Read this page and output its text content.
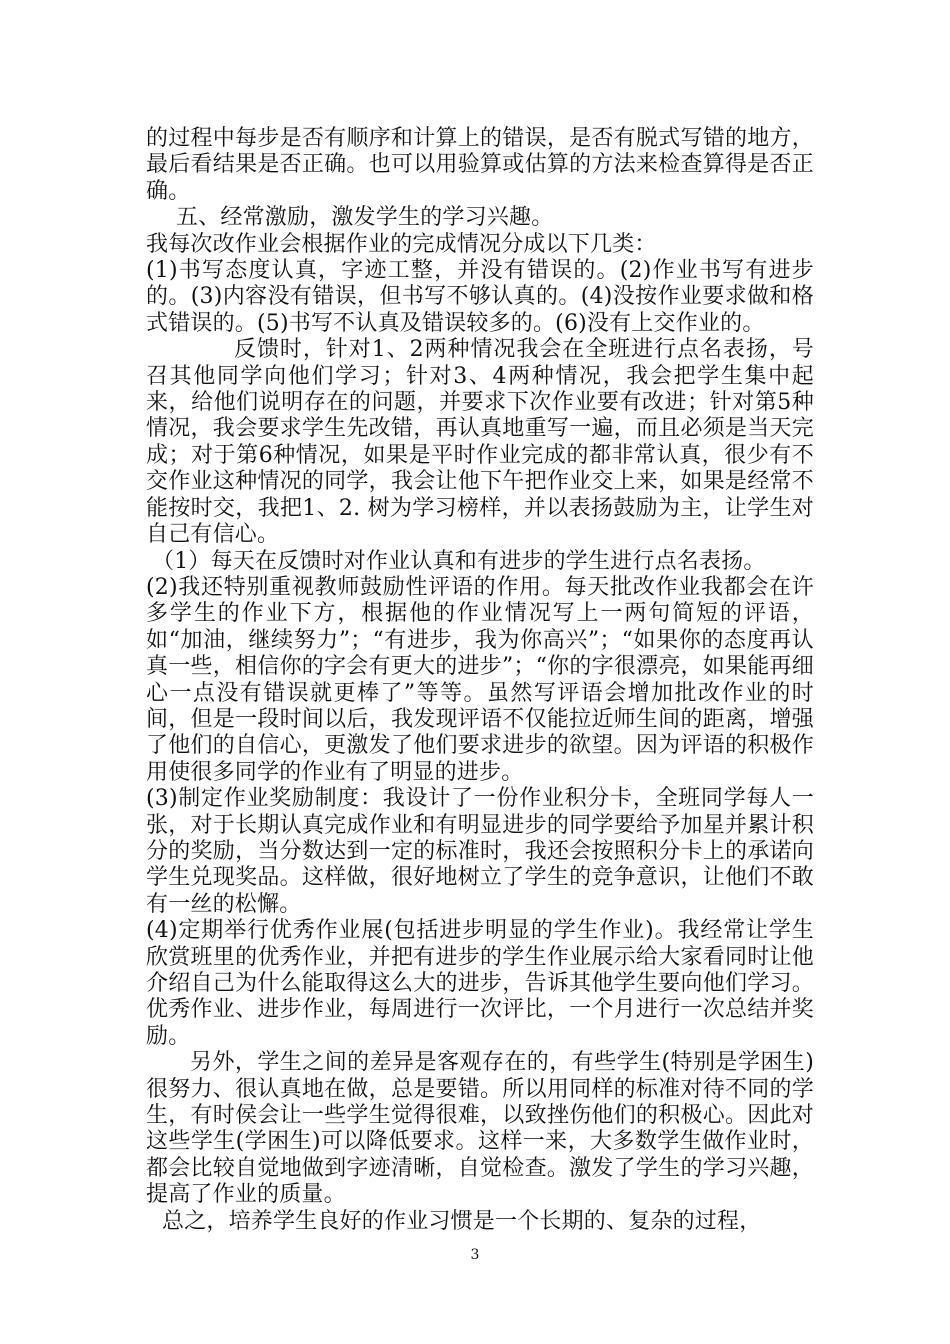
的过程中每步是否有顺序和计算上的错误，是否有脱式写错的地方，最后看结果是否正确。也可以用验算或估算的方法来检查算得是否正确。

五、经常激励，激发学生的学习兴趣。

我每次改作业会根据作业的完成情况分成以下几类：

(1)书写态度认真，字迹工整，并没有错误的。(2)作业书写有进步的。(3)内容没有错误，但书写不够认真的。(4)没按作业要求做和格式错误的。(5)书写不认真及错误较多的。(6)没有上交作业的。

反馈时，针对1、2两种情况我会在全班进行点名表扬，号召其他同学向他们学习；针对3、4两种情况，我会把学生集中起来，给他们说明存在的问题，并要求下次作业要有改进；针对第5种情况，我会要求学生先改错，再认真地重写一遍，而且必须是当天完成；对于第6种情况，如果是平时作业完成的都非常认真，很少有不交作业这种情况的同学，我会让他下午把作业交上来，如果是经常不能按时交，我把1、2. 树为学习榜样，并以表扬鼓励为主，让学生对自己有信心。

（1）每天在反馈时对作业认真和有进步的学生进行点名表扬。

(2)我还特别重视教师鼓励性评语的作用。每天批改作业我都会在许多学生的作业下方，根据他的作业情况写上一两句简短的评语，如“加油，继续努力”；“有进步，我为你高兴”；“如果你的态度再认真一些，相信你的字会有更大的进步”；“你的字很漂亮，如果能再细心一点没有错误就更棒了”等等。虽然写评语会增加批改作业的时间，但是一段时间以后，我发现评语不仅能拉近师生间的距离，增强了他们的自信心，更激发了他们要求进步的欲望。因为评语的积极作用使很多同学的作业有了明显的进步。

(3)制定作业奖励制度：我设计了一份作业积分卡，全班同学每人一张，对于长期认真完成作业和有明显进步的同学要给予加星并累计积分的奖励，当分数达到一定的标准时，我还会按照积分卡上的承诺向学生兑现奖品。这样做，很好地树立了学生的竞争意识，让他们不敢有一丝的松懈。

(4)定期举行优秀作业展(包括进步明显的学生作业)。我经常让学生欣赏班里的优秀作业，并把有进步的学生作业展示给大家看同时让他介绍自己为什么能取得这么大的进步，告诉其他学生要向他们学习。优秀作业、进步作业，每周进行一次评比，一个月进行一次总结并奖励。

另外，学生之间的差异是客观存在的，有些学生(特别是学困生)很努力、很认真地在做，总是要错。所以用同样的标准对待不同的学生，有时侯会让一些学生觉得很难，以致挫伤他们的积极心。因此对这些学生(学困生)可以降低要求。这样一来，大多数学生做作业时，都会比较自觉地做到字迹清晰，自觉检查。激发了学生的学习兴趣，提高了作业的质量。

总之，培养学生良好的作业习惯是一个长期的、复杂的过程，

3
